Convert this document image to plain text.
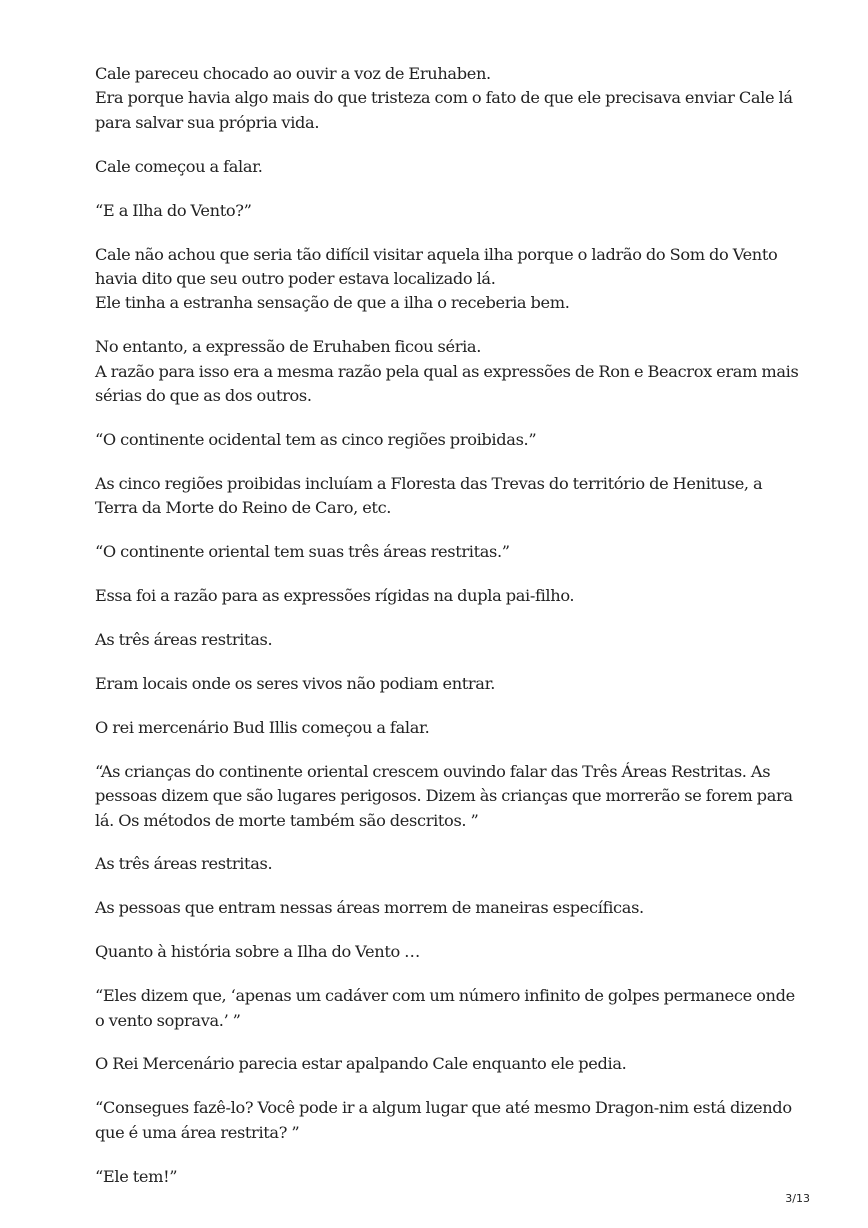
Cale pareceu chocado ao ouvir a voz de Eruhaben.
Era porque havia algo mais do que tristeza com o fato de que ele precisava enviar Cale lá
para salvar sua própria vida.

Cale começou a falar.

“E a Ilha do Vento?”

Cale não achou que seria tão difícil visitar aquela ilha porque o ladrão do Som do Vento
havia dito que seu outro poder estava localizado lá.
Ele tinha a estranha sensação de que a ilha o receberia bem.

No entanto, a expressão de Eruhaben ficou séria.
A razão para isso era a mesma razão pela qual as expressões de Ron e Beacrox eram mais
sérias do que as dos outros.

“O continente ocidental tem as cinco regiões proibidas.”

As cinco regiões proibidas incluíam a Floresta das Trevas do território de Henituse, a
Terra da Morte do Reino de Caro, etc.

“O continente oriental tem suas três áreas restritas.”

Essa foi a razão para as expressões rígidas na dupla pai-filho.

As três áreas restritas.

Eram locais onde os seres vivos não podiam entrar.

O rei mercenário Bud Illis começou a falar.

“As crianças do continente oriental crescem ouvindo falar das Três Áreas Restritas. As
pessoas dizem que são lugares perigosos. Dizem às crianças que morrerão se forem para
lá. Os métodos de morte também são descritos. ”

As três áreas restritas.

As pessoas que entram nessas áreas morrem de maneiras específicas.

Quanto à história sobre a Ilha do Vento …

“Eles dizem que, ‘apenas um cadáver com um número infinito de golpes permanece onde
o vento soprava.’ ”

O Rei Mercenário parecia estar apalpando Cale enquanto ele pedia.

“Consegues fazê-lo? Você pode ir a algum lugar que até mesmo Dragon-nim está dizendo
que é uma área restrita? ”

“Ele tem!”

3/13
